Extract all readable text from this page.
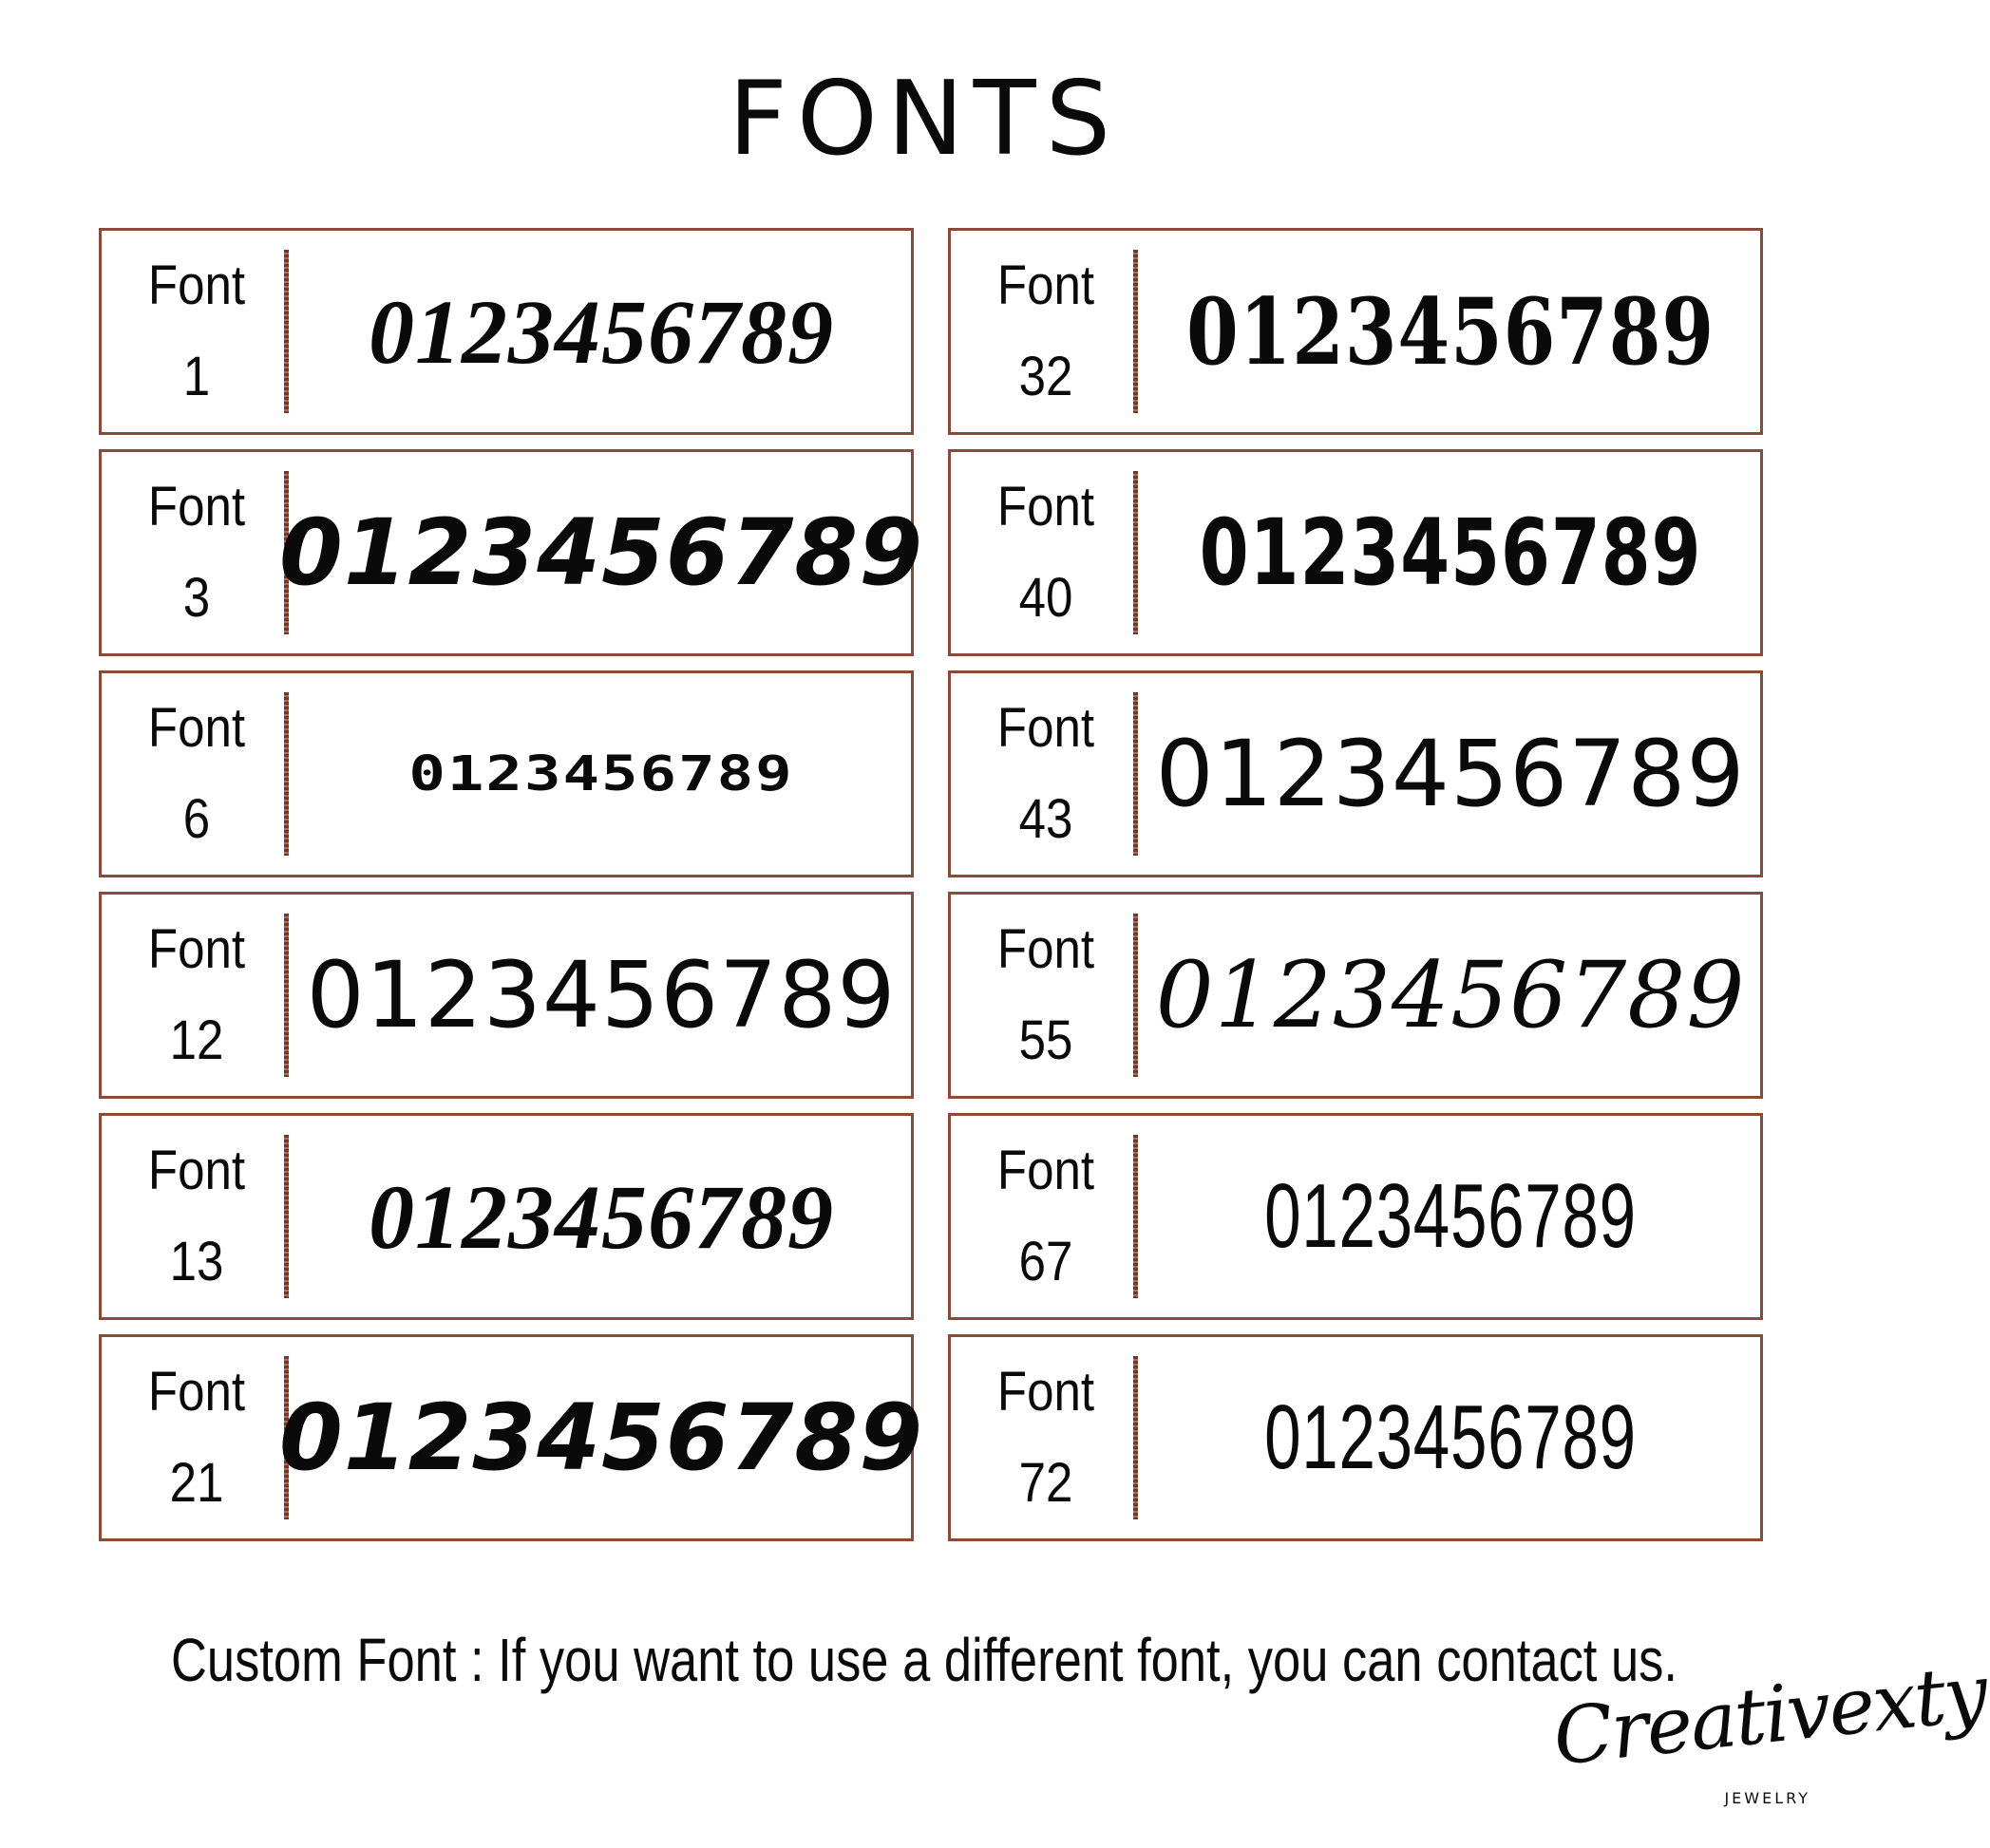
FONTS
Font
1 0123456789
Font
3 0123456789
Font
6
0123456789
Font
12 0123456789
Font
13 0123456789
Font
21 0123456789
Font
32 0123456789
Font
40 0123456789
Font
43 0123456789
Font
55 0123456789
Font
67 0123456789
Font
72 0123456789
Custom Font : If you want to use a different font, you can contact us.
Creativexty
JEWELRY
